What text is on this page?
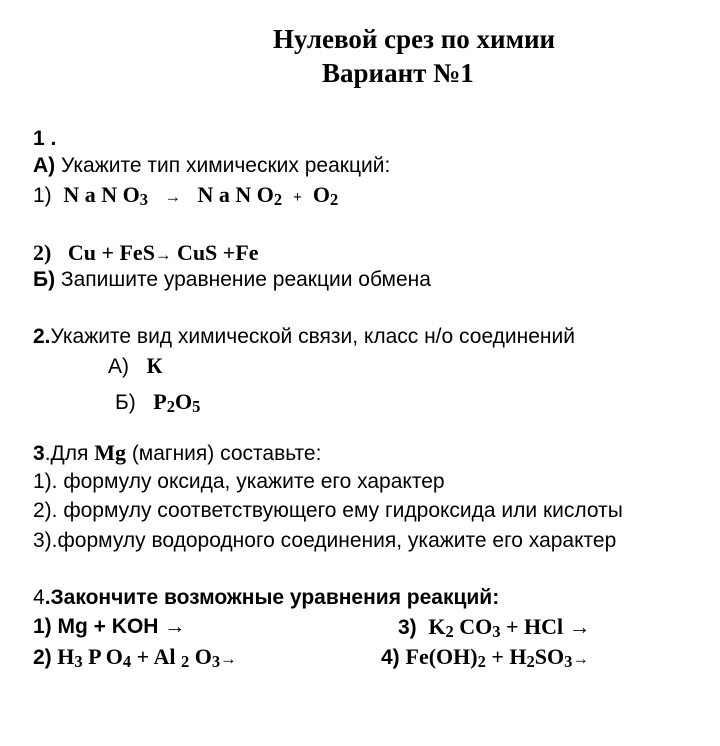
Нулевой срез по химии
Вариант №1
1 .
А) Укажите тип химических реакций:
1) N a N O3 → N a N O2 + O2
2) Cu + FeS→ CuS +Fe
Б) Запишите уравнение реакции обмена
2.Укажите вид химической связи, класс н/о соединений
А) К
Б) P2O5
3.Для Mg (магния) составьте:
1). формулу оксида, укажите его характер
2). формулу соответствующего ему гидроксида или кислоты
3).формулу водородного соединения, укажите его характер
4.Закончите возможные уравнения реакций:
1) Mg + KOH →	3) K2 CO3 + HCl →
2) H3 P O4 + Al 2 O3→	4) Fe(OH)2 + H2SO3→
